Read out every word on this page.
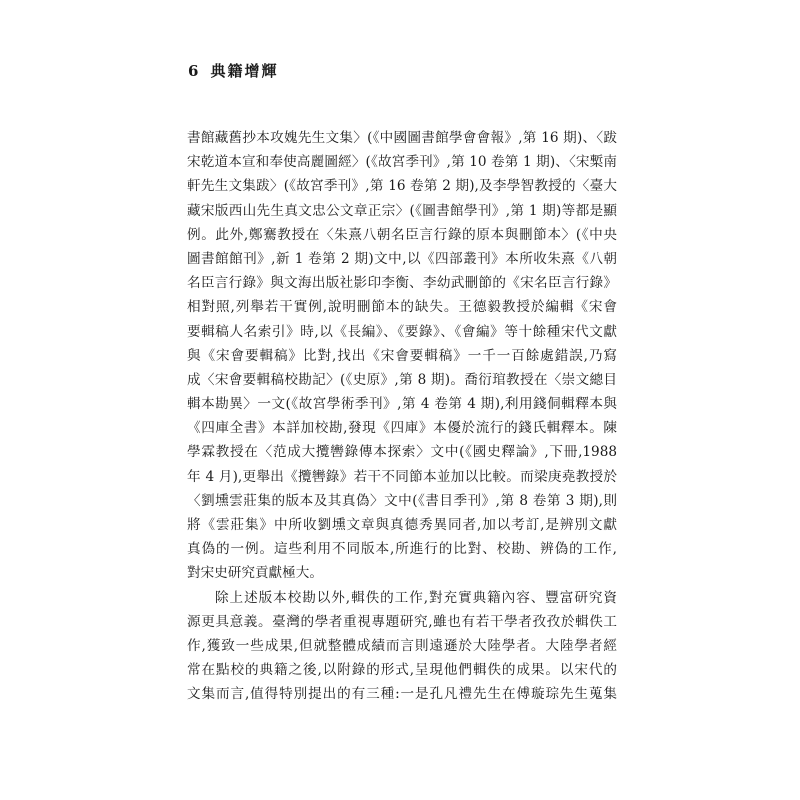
6 典籍增輝
書館藏舊抄本攻媿先生文集〉(《中國圖書館學會會報》,第 16 期)、〈跋
宋乾道本宣和奉使高麗圖經〉(《故宮季刊》,第 10 卷第 1 期)、〈宋槧南
軒先生文集跋〉(《故宮季刊》,第 16 卷第 2 期),及李學智教授的〈臺大
藏宋版西山先生真文忠公文章正宗〉(《圖書館學刊》,第 1 期)等都是顯
例。此外,鄭騫教授在〈朱熹八朝名臣言行錄的原本與刪節本〉(《中央
圖書館館刊》,新 1 卷第 2 期)文中,以《四部叢刊》本所收朱熹《八朝
名臣言行錄》與文海出版社影印李衡、李幼武刪節的《宋名臣言行錄》
相對照,列舉若干實例,說明刪節本的缺失。王德毅教授於編輯《宋會
要輯稿人名索引》時,以《長編》、《要錄》、《會編》等十餘種宋代文獻
與《宋會要輯稿》比對,找出《宋會要輯稿》一千一百餘處錯誤,乃寫
成〈宋會要輯稿校勘記〉(《史原》,第 8 期)。喬衍琯教授在〈崇文總目
輯本勘異〉一文(《故宮學術季刊》,第 4 卷第 4 期),利用錢侗輯釋本與
《四庫全書》本詳加校勘,發現《四庫》本優於流行的錢氏輯釋本。陳
學霖教授在〈范成大攬轡錄傳本探索〉文中(《國史釋論》,下冊,1988
年 4 月),更舉出《攬轡錄》若干不同節本並加以比較。而梁庚堯教授於
〈劉壎雲莊集的版本及其真偽〉文中(《書目季刊》,第 8 卷第 3 期),則
將《雲莊集》中所收劉壎文章與真德秀異同者,加以考訂,是辨別文獻
真偽的一例。這些利用不同版本,所進行的比對、校勘、辨偽的工作,
對宋史研究貢獻極大。
除上述版本校勘以外,輯佚的工作,對充實典籍內容、豐富研究資
源更具意義。臺灣的學者重視專題研究,雖也有若干學者孜孜於輯佚工
作,獲致一些成果,但就整體成績而言則遠遜於大陸學者。大陸學者經
常在點校的典籍之後,以附錄的形式,呈現他們輯佚的成果。以宋代的
文集而言,值得特別提出的有三種:一是孔凡禮先生在傅璇琮先生蒐集
